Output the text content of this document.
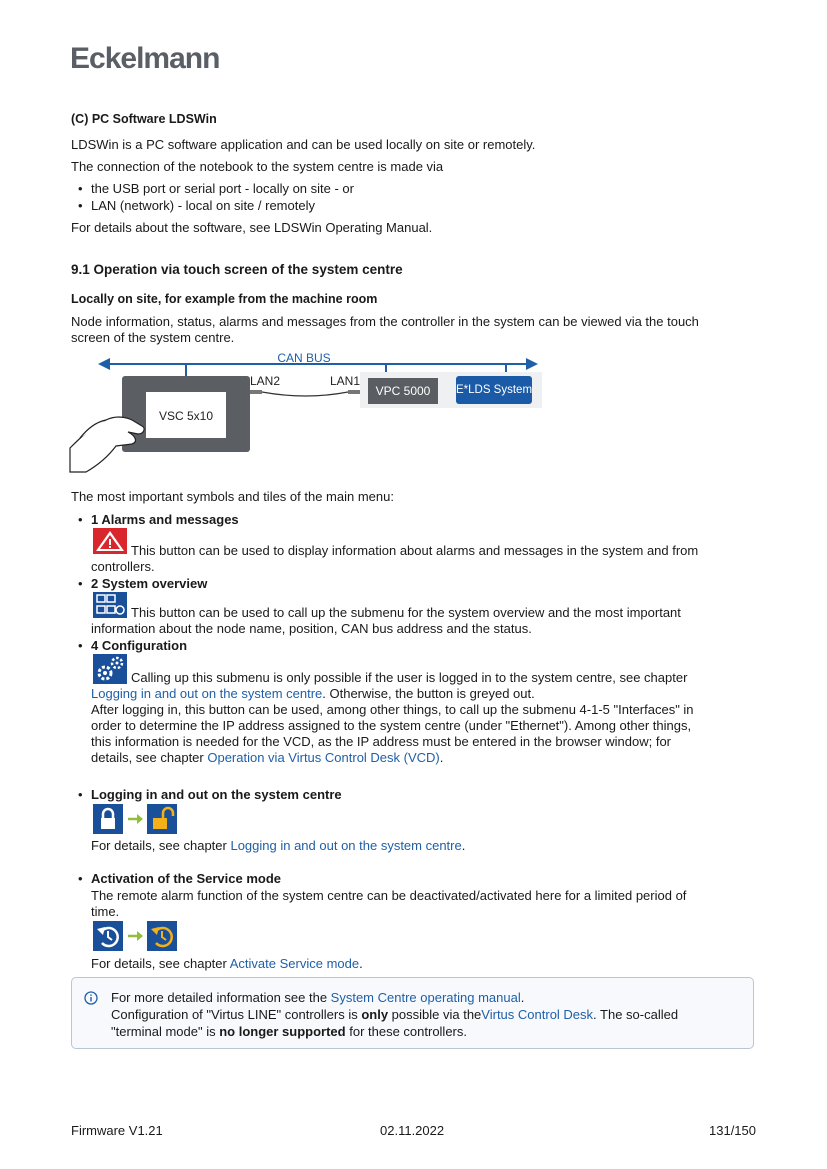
Eckelmann
(C) PC Software LDSWin
LDSWin is a PC software application and can be used locally on site or remotely.
The connection of the notebook to the system centre is made via
• the USB port or serial port - locally on site - or
• LAN (network) - local on site / remotely
For details about the software, see LDSWin Operating Manual.
9.1 Operation via touch screen of the system centre
Locally on site, for example from the machine room
Node information, status, alarms and messages from the controller in the system can be viewed via the touch
screen of the system centre.
CAN BUS
VSC 5x10
LAN2	LAN1
VPC 5000 E*LDS System
The most important symbols and tiles of the main menu:
• 1 Alarms and messages
This button can be used to display information about alarms and messages in the system and from
controllers.
• 2 System overview
This button can be used to call up the submenu for the system overview and the most important
information about the node name, position, CAN bus address and the status.
• 4 Configuration
Calling up this submenu is only possible if the user is logged in to the system centre, see chapter
Logging in and out on the system centre. Otherwise, the button is greyed out.
After logging in, this button can be used, among other things, to call up the submenu 4-1-5 "Interfaces" in
order to determine the IP address assigned to the system centre (under "Ethernet"). Among other things,
this information is needed for the VCD, as the IP address must be entered in the browser window; for
details, see chapter Operation via Virtus Control Desk (VCD).
• Logging in and out on the system centre
For details, see chapter Logging in and out on the system centre.
• Activation of the Service mode
The remote alarm function of the system centre can be deactivated/activated here for a limited period of
time.
For details, see chapter Activate Service mode.
For more detailed information see the System Centre operating manual.
Configuration of "Virtus LINE" controllers is only possible via theVirtus Control Desk. The so-called
"terminal mode" is no longer supported for these controllers.
Firmware V1.21	02.11.2022	131/150
